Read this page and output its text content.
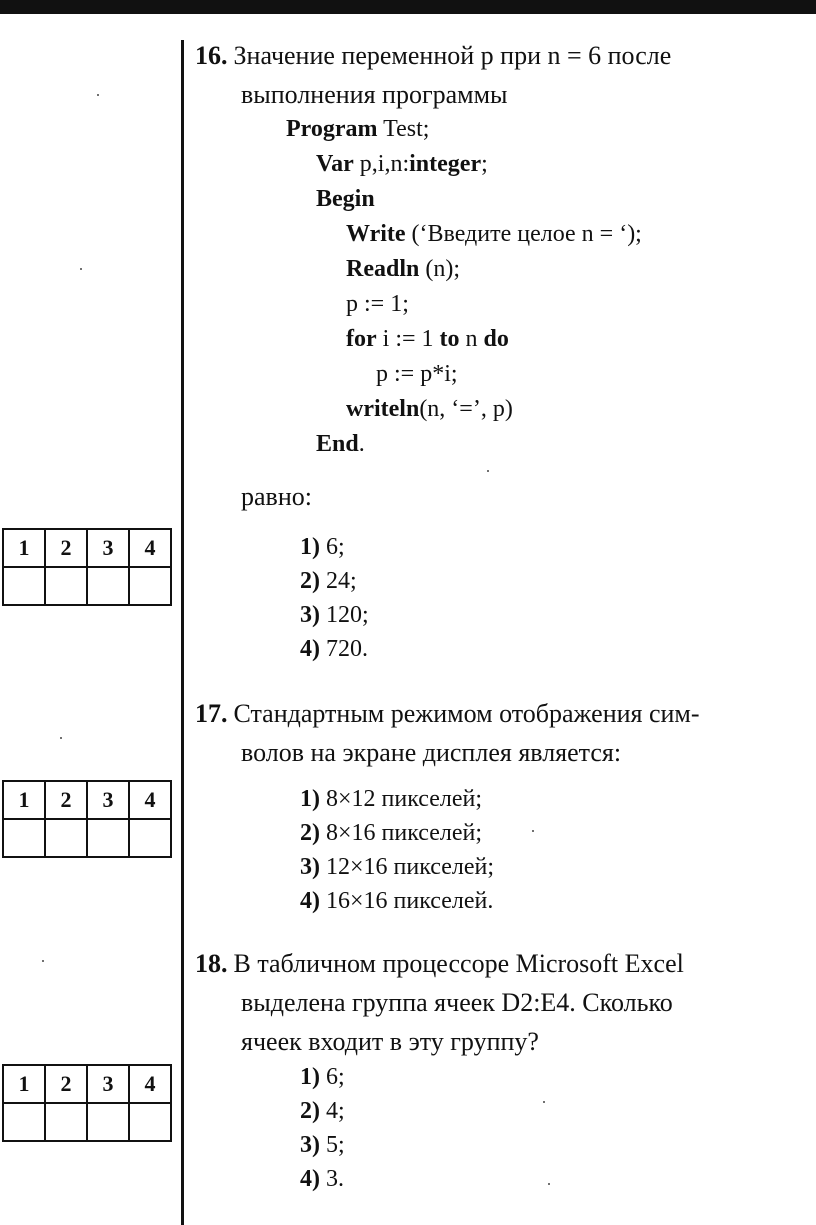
16. Значение переменной p при n = 6 после
выполнения программы
Program Test;
Var p,i,n:integer;
Begin
Write (‘Введите целое n = ‘);
Readln (n);
p := 1;
for i := 1 to n do
p := p*i;
writeln(n, ‘=’, p)
End.
равно:
1	2	3	4
				1) 6;
2) 24;
3) 120;
4) 720.
17. Стандартным режимом отображения сим-
волов на экране дисплея является:
1	2	3	4
				1) 8×12 пикселей;
2) 8×16 пикселей;
3) 12×16 пикселей;
4) 16×16 пикселей.
18. В табличном процессоре Microsoft Excel
выделена группа ячеек D2:E4. Сколько
ячеек входит в эту группу?
1	2	3	4
				1) 6;
2) 4;
3) 5;
4) 3.
